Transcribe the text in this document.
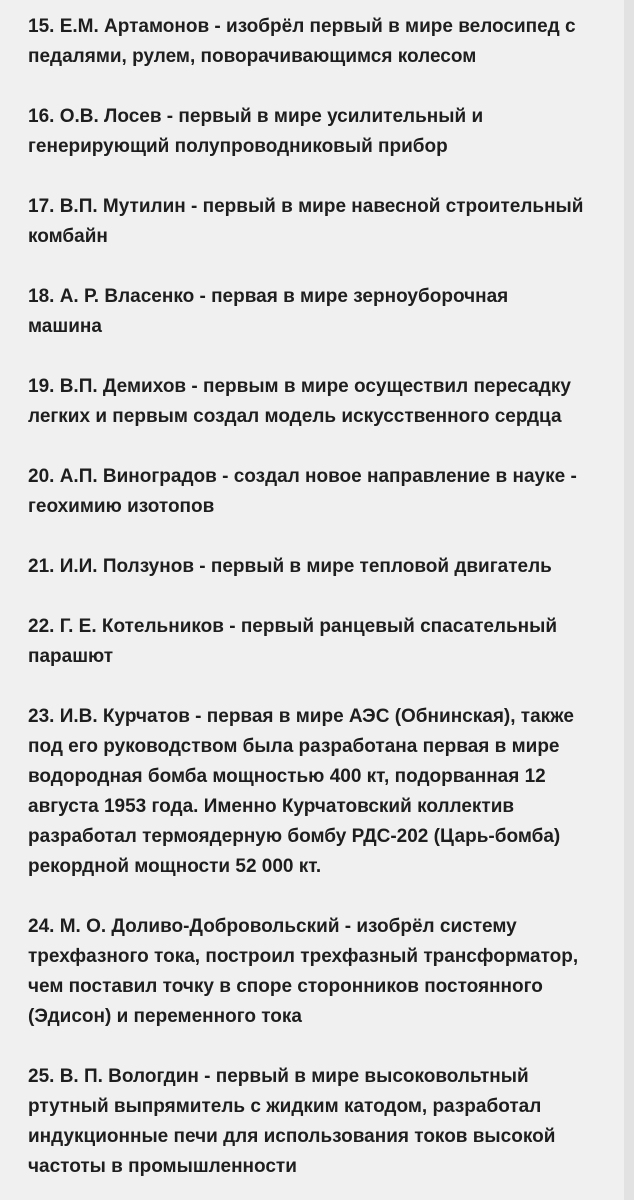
15. Е.М. Артамонов - изобрёл первый в мире велосипед с
педалями, рулем, поворачивающимся колесом
16. О.В. Лосев - первый в мире усилительный и
генерирующий полупроводниковый прибор
17. В.П. Мутилин - первый в мире навесной строительный
комбайн
18. А. Р. Власенко - первая в мире зерноуборочная
машина
19. В.П. Демихов - первым в мире осуществил пересадку
легких и первым создал модель искусственного сердца
20. А.П. Виноградов - создал новое направление в науке -
геохимию изотопов
21. И.И. Ползунов - первый в мире тепловой двигатель
22. Г. Е. Котельников - первый ранцевый спасательный
парашют
23. И.В. Курчатов - первая в мире АЭС (Обнинская), также
под его руководством была разработана первая в мире
водородная бомба мощностью 400 кт, подорванная 12
августа 1953 года. Именно Курчатовский коллектив
разработал термоядерную бомбу РДС-202 (Царь-бомба)
рекордной мощности 52 000 кт.
24. М. О. Доливо-Добровольский - изобрёл систему
трехфазного тока, построил трехфазный трансформатор,
чем поставил точку в споре сторонников постоянного
(Эдисон) и переменного тока
25. В. П. Вологдин - первый в мире высоковольтный
ртутный выпрямитель с жидким катодом, разработал
индукционные печи для использования токов высокой
частоты в промышленности
